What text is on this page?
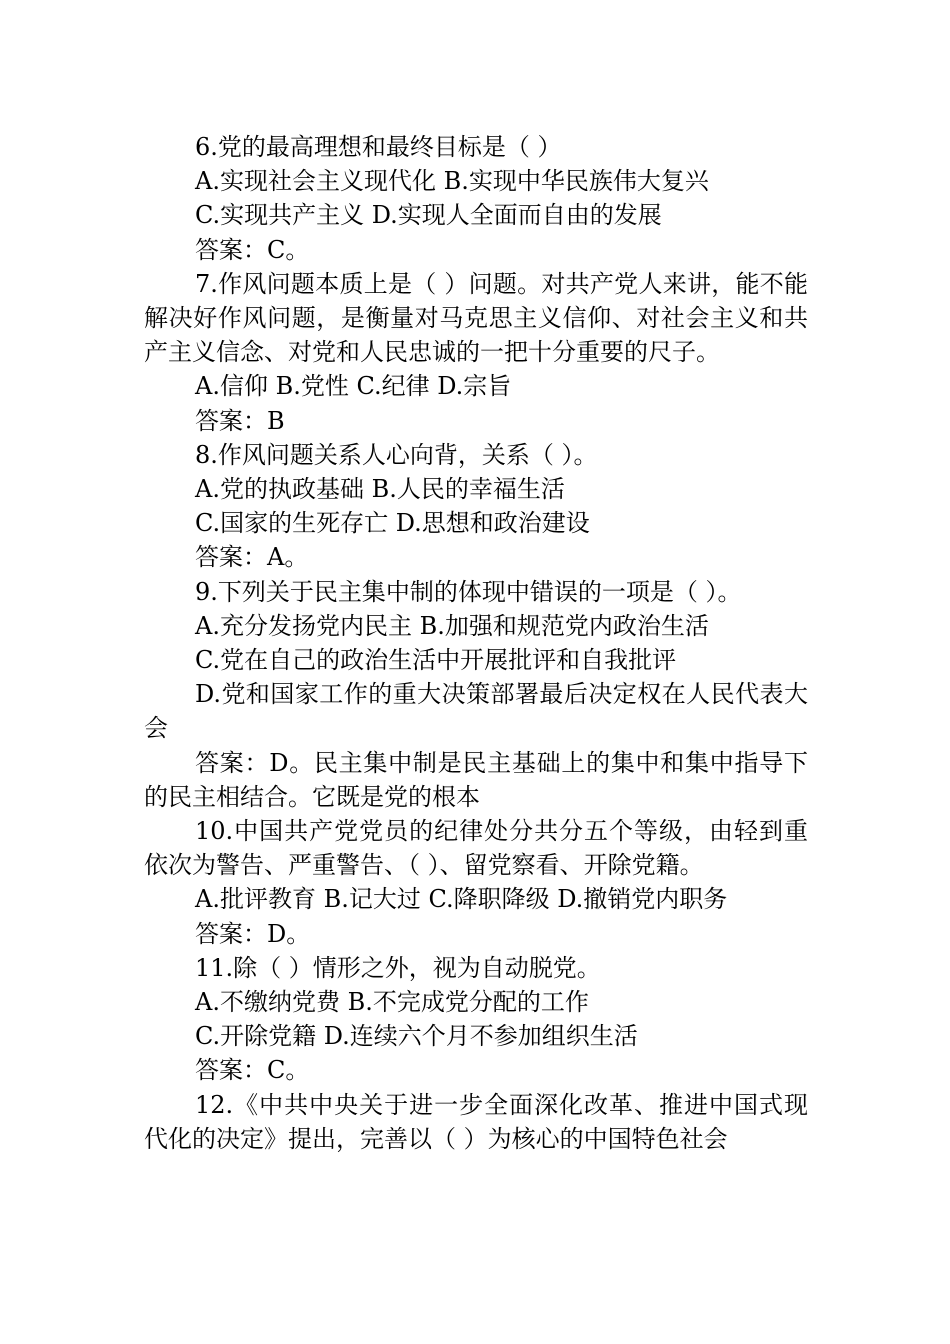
6.党的最高理想和最终目标是（ ）

A.实现社会主义现代化 B.实现中华民族伟大复兴

C.实现共产主义 D.实现人全面而自由的发展

答案：C。

7.作风问题本质上是（ ）问题。对共产党人来讲，能不能解决好作风问题，是衡量对马克思主义信仰、对社会主义和共产主义信念、对党和人民忠诚的一把十分重要的尺子。

A.信仰 B.党性 C.纪律 D.宗旨

答案：B

8.作风问题关系人心向背，关系（ ）。

A.党的执政基础 B.人民的幸福生活

C.国家的生死存亡 D.思想和政治建设

答案：A。

9.下列关于民主集中制的体现中错误的一项是（ ）。

A.充分发扬党内民主 B.加强和规范党内政治生活

C.党在自己的政治生活中开展批评和自我批评

D.党和国家工作的重大决策部署最后决定权在人民代表大会

答案：D。民主集中制是民主基础上的集中和集中指导下的民主相结合。它既是党的根本

10.中国共产党党员的纪律处分共分五个等级，由轻到重依次为警告、严重警告、（ ）、留党察看、开除党籍。

A.批评教育 B.记大过 C.降职降级 D.撤销党内职务

答案：D。

11.除（ ）情形之外，视为自动脱党。

A.不缴纳党费 B.不完成党分配的工作

C.开除党籍 D.连续六个月不参加组织生活

答案：C。

12.《中共中央关于进一步全面深化改革、推进中国式现代化的决定》提出，完善以（ ）为核心的中国特色社会
